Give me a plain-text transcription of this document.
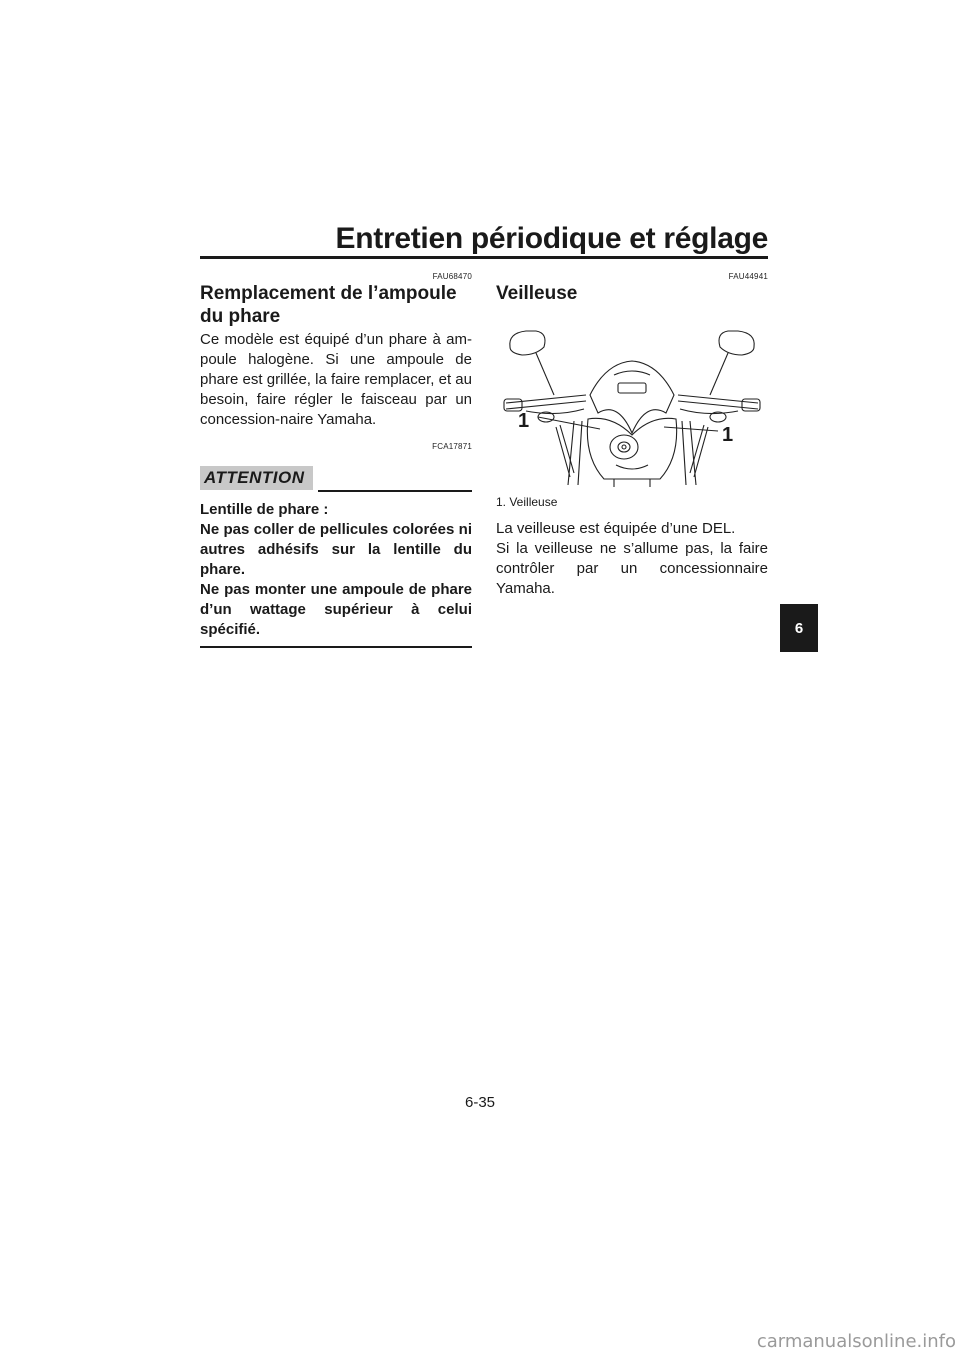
Entretien périodique et réglage
FAU68470
Remplacement de l’ampoule du phare

Ce modèle est équipé d’un phare à am-poule halogène. Si une ampoule de phare est grillée, la faire remplacer, et au besoin, faire régler le faisceau par un concession-naire Yamaha.

FCA17871
ATTENTION

Lentille de phare :

Ne pas coller de pellicules colorées ni autres adhésifs sur la lentille du phare.

Ne pas monter une ampoule de phare d’un wattage supérieur à celui spécifié.

FAU44941
Veilleuse
1
1
1. Veilleuse

La veilleuse est équipée d’une DEL.

Si la veilleuse ne s’allume pas, la faire contrôler par un concessionnaire Yamaha.

6
6-35
carmanualsonline.info
